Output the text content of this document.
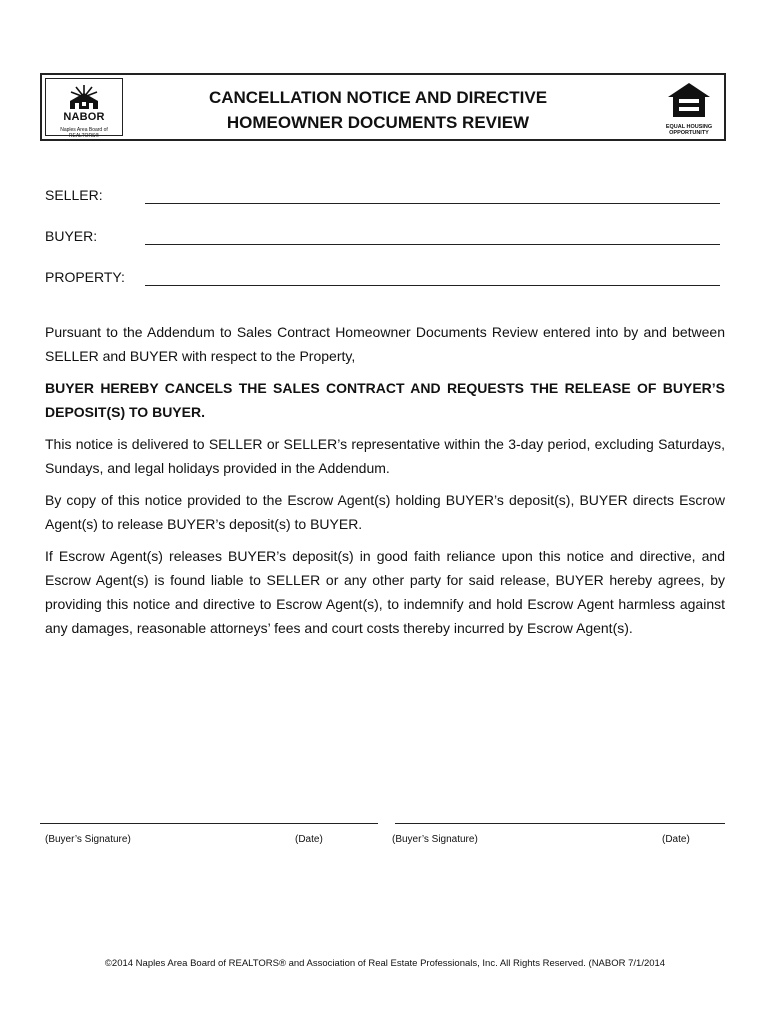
NABOR
Naples Area Board of REALTORS®
CANCELLATION NOTICE AND DIRECTIVE
HOMEOWNER DOCUMENTS REVIEW	EQUAL HOUSING
OPPORTUNITY
SELLER:
BUYER:
PROPERTY:

Pursuant to the Addendum to Sales Contract Homeowner Documents Review entered into by and between SELLER and BUYER with respect to the Property,

BUYER HEREBY CANCELS THE SALES CONTRACT AND REQUESTS THE RELEASE OF BUYER’S DEPOSIT(S) TO BUYER.

This notice is delivered to SELLER or SELLER’s representative within the 3-day period, excluding Saturdays, Sundays, and legal holidays provided in the Addendum.

By copy of this notice provided to the Escrow Agent(s) holding BUYER’s deposit(s), BUYER directs Escrow Agent(s) to release BUYER’s deposit(s) to BUYER.

If Escrow Agent(s) releases BUYER’s deposit(s) in good faith reliance upon this notice and directive, and Escrow Agent(s) is found liable to SELLER or any other party for said release, BUYER hereby agrees, by providing this notice and directive to Escrow Agent(s), to indemnify and hold Escrow Agent harmless against any damages, reasonable attorneys’ fees and court costs thereby incurred by Escrow Agent(s).

(Buyer’s Signature)	(Date)	(Buyer’s Signature)	(Date)
©2014 Naples Area Board of REALTORS® and Association of Real Estate Professionals, Inc. All Rights Reserved. (NABOR 7/1/2014
